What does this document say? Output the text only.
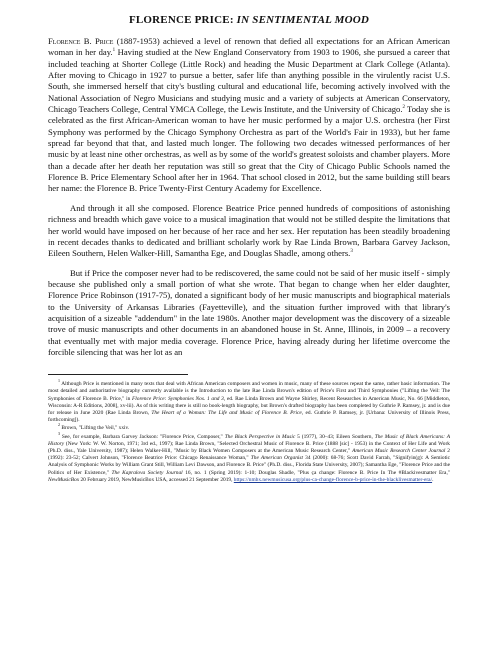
FLORENCE PRICE: IN SENTIMENTAL MOOD

Florence B. Price (1887-1953) achieved a level of renown that defied all expectations for an African American woman in her day.$^1$ Having studied at the New England Conservatory from 1903 to 1906, she pursued a career that included teaching at Shorter College (Little Rock) and heading the Music Department at Clark College (Atlanta). After moving to Chicago in 1927 to pursue a better, safer life than anything possible in the virulently racist U.S. South, she immersed herself that city's bustling cultural and educational life, becoming actively involved with the National Association of Negro Musicians and studying music and a variety of subjects at American Conservatory, Chicago Teachers College, Central YMCA College, the Lewis Institute, and the University of Chicago.$^2$ Today she is celebrated as the first African-American woman to have her music performed by a major U.S. orchestra (her First Symphony was performed by the Chicago Symphony Orchestra as part of the World's Fair in 1933), but her fame spread far beyond that that, and lasted much longer. The following two decades witnessed performances of her music by at least nine other orchestras, as well as by some of the world's greatest soloists and chamber players. More than a decade after her death her reputation was still so great that the City of Chicago Public Schools named the Florence B. Price Elementary School after her in 1964. That school closed in 2012, but the same building still bears her name: the Florence B. Price Twenty-First Century Academy for Excellence.

And through it all she composed. Florence Beatrice Price penned hundreds of compositions of astonishing richness and breadth which gave voice to a musical imagination that would not be stilled despite the limitations that her world would have imposed on her because of her race and her sex. Her reputation has been steadily broadening in recent decades thanks to dedicated and brilliant scholarly work by Rae Linda Brown, Barbara Garvey Jackson, Eileen Southern, Helen Walker-Hill, Samantha Ege, and Douglas Shadle, among others.$^3$

But if Price the composer never had to be rediscovered, the same could not be said of her music itself - simply because she published only a small portion of what she wrote. That began to change when her elder daughter, Florence Price Robinson (1917-75), donated a significant body of her music manuscripts and biographical materials to the University of Arkansas Libraries (Fayetteville), and the situation further improved with that library's acquisition of a sizeable "addendum" in the late 1980s. Another major development was the discovery of a sizeable trove of music manuscripts and other documents in an abandoned house in St. Anne, Illinois, in 2009 – a recovery that eventually met with major media coverage. Florence Price, having already during her lifetime overcome the forcible silencing that was her lot as an

$^1$ Although Price is mentioned in many texts that deal with African American composers and women in music, many of these sources repeat the same, rather basic information. The most detailed and authoritative biography currently available is the Introduction to the late Rae Linda Brown's edition of Price's First and Third Symphonies ("Lifting the Veil: The Symphonies of Florence B. Price," in Florence Price: Symphonies Nos. 1 and 3, ed. Rae Linda Brown and Wayne Shirley, Recent Researches in American Music, No. 66 [Middleton, Wisconsin: A-R Editions, 2008], xv-lii). As of this writing there is still no book-length biography, but Brown's drafted biography has been completed by Guthrie P. Ramsey, jr. and is due for release in June 2020 (Rae Linda Brown, The Heart of a Woman: The Life and Music of Florence B. Price, ed. Guthrie P. Ramsey, jr. [Urbana: University of Illinois Press, forthcoming]).

$^2$ Brown, "Lifting the Veil," xxiv.

$^3$ See, for example, Barbara Garvey Jackson: "Florence Price, Composer," The Black Perspective in Music 5 (1977), 30–43; Eileen Southern, The Music of Black Americans: A History (New York: W. W. Norton, 1971; 3rd ed., 1997); Rae Linda Brown, "Selected Orchestral Music of Florence B. Price (1888 [sic] - 1953) in the Context of Her Life and Work (Ph.D. diss., Yale University, 1987); Helen Walker-Hill, "Music by Black Women Composers at the American Music Research Center," American Music Research Center Journal 2 (1992): 23-52; Calvert Johnson, "Florence Beatrice Price: Chicago Renaissance Woman," The American Organist 34 (2000): 68-76; Scott David Farrah, "Signifyin(g): A Semiotic Analysis of Symphonic Works by William Grant Still, William Levi Dawson, and Florence B. Price" (Ph.D. diss., Florida State University, 2007); Samantha Ege, "Florence Price and the Politics of Her Existence," The Kapralova Society Journal 16, no. 1 (Spring 2019): 1-10; Douglas Shadle, "Plus ça change: Florence B. Price In The #Blackivesmatter Era," NewMusicBox 20 February 2019, NewMusicBox USA, accessed 21 September 2019, https://nmbx.newmusicusa.org/plus-ca-change-florence-b-price-in-the-blacklivesmatter-era/.
